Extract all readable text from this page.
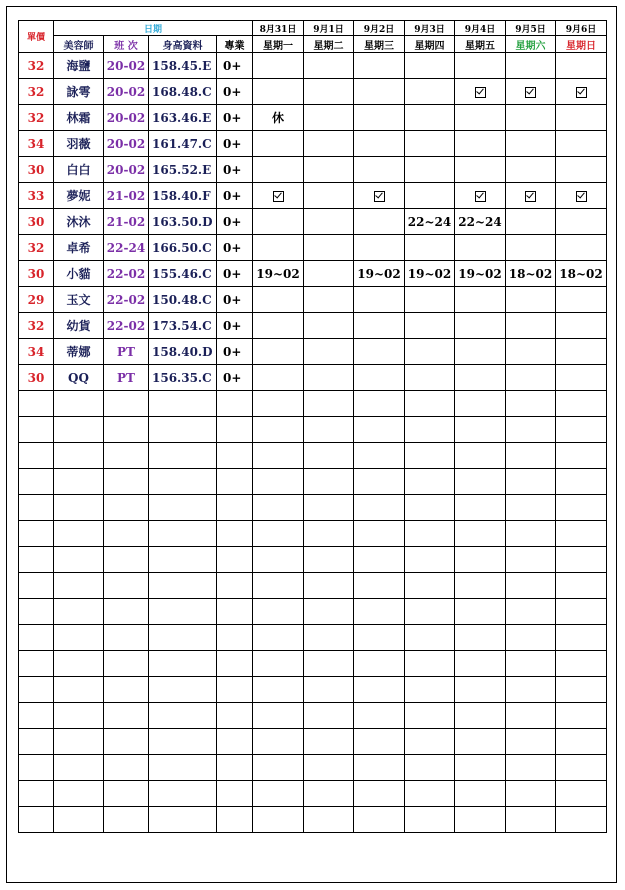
單價	日期				8月31日	9月1日	9月2日	9月3日	9月4日	9月5日	9月6日
	美容師	班 次	身高資料	專業	星期一	星期二	星期三	星期四	星期五	星期六	星期日
32	海鹽	20-02	158.45.E	0+							
32	詠雩	20-02	168.48.C	0+							
32	林霜	20-02	163.46.E	0+	休						
34	羽薇	20-02	161.47.C	0+							
30	白白	20-02	165.52.E	0+							
33	夢妮	21-02	158.40.F	0+							
30	沐沐	21-02	163.50.D	0+				22~24	22~24		
32	卓希	22-24	166.50.C	0+							
30	小貓	22-02	155.46.C	0+	19~02		19~02	19~02	19~02	18~02	18~02
29	玉文	22-02	150.48.C	0+							
32	幼貨	22-02	173.54.C	0+							
34	蒂娜	PT	158.40.D	0+							
30	QQ	PT	156.35.C	0+							
